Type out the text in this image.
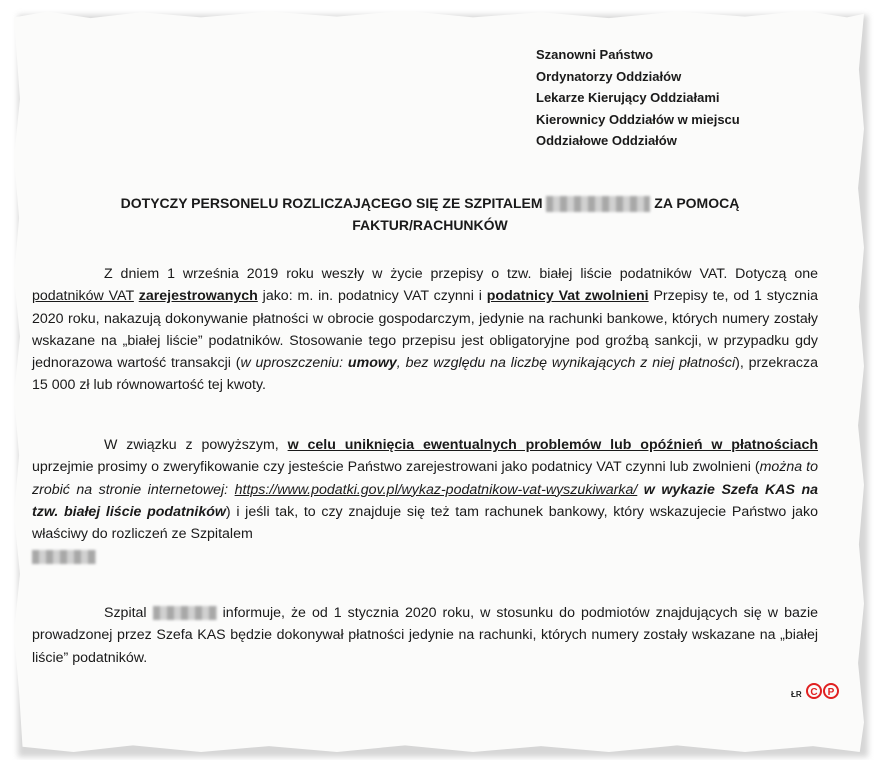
Szanowni Państwo
Ordynatorzy Oddziałów
Lekarze Kierujący Oddziałami
Kierownicy Oddziałów w miejscu
Oddziałowe Oddziałów
DOTYCZY PERSONELU ROZLICZAJĄCEGO SIĘ ZE SZPITALEM	ZA POMOCĄ
FAKTUR/RACHUNKÓW
Z dniem 1 września 2019 roku weszły w życie przepisy o tzw. białej liście podatników VAT. Dotyczą one podatników VAT zarejestrowanych jako: m. in. podatnicy VAT czynni i podatnicy Vat zwolnieni Przepisy te, od 1 stycznia 2020 roku, nakazują dokonywanie płatności w obrocie gospodarczym, jedynie na rachunki bankowe, których numery zostały wskazane na „białej liście” podatników. Stosowanie tego przepisu jest obligatoryjne pod groźbą sankcji, w przypadku gdy jednorazowa wartość transakcji (w uproszczeniu: umowy, bez względu na liczbę wynikających z niej płatności), przekracza 15 000 zł lub równowartość tej kwoty.
W związku z powyższym, w celu uniknięcia ewentualnych problemów lub opóźnień w płatnościach uprzejmie prosimy o zweryfikowanie czy jesteście Państwo zarejestrowani jako podatnicy VAT czynni lub zwolnieni (można to zrobić na stronie internetowej: https://www.podatki.gov.pl/wykaz-podatnikow-vat-wyszukiwarka/ w wykazie Szefa KAS na tzw. białej liście podatników) i jeśli tak, to czy znajduje się też tam rachunek bankowy, który wskazujecie Państwo jako właściwy do rozliczeń ze Szpitalem

Szpital	informuje, że od 1 stycznia 2020 roku, w stosunku do podmiotów znajdujących się w bazie prowadzonej przez Szefa KAS będzie dokonywał płatności jedynie na rachunki, których numery zostały wskazane na „białej liście” podatników.
ŁR C	P
